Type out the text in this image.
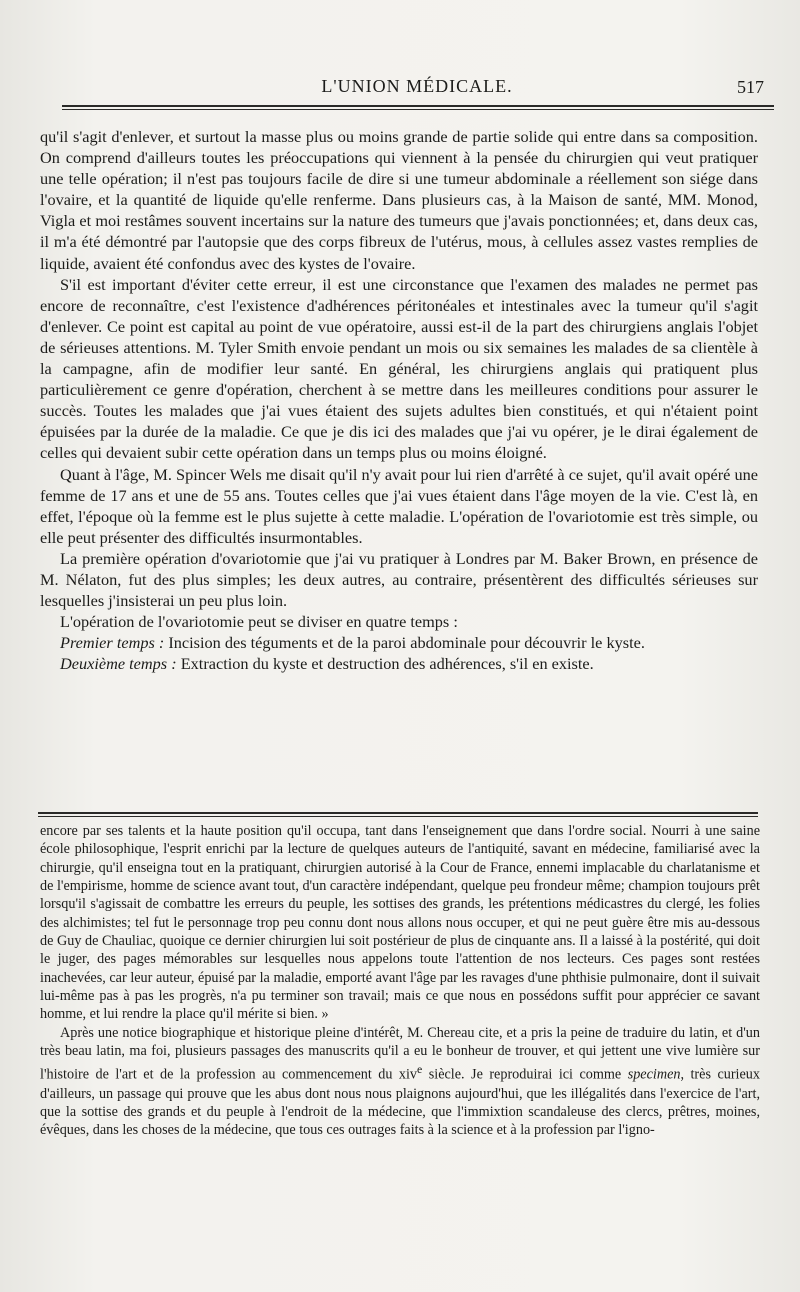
L'UNION MÉDICALE.	517

qu'il s'agit d'enlever, et surtout la masse plus ou moins grande de partie solide qui entre dans sa composition. On comprend d'ailleurs toutes les préoccupations qui viennent à la pensée du chirurgien qui veut pratiquer une telle opération; il n'est pas toujours facile de dire si une tumeur abdominale a réellement son siége dans l'ovaire, et la quantité de liquide qu'elle renferme. Dans plusieurs cas, à la Maison de santé, MM. Monod, Vigla et moi restâmes souvent incertains sur la nature des tumeurs que j'avais ponctionnées; et, dans deux cas, il m'a été démontré par l'autopsie que des corps fibreux de l'utérus, mous, à cellules assez vastes remplies de liquide, avaient été confondus avec des kystes de l'ovaire.

S'il est important d'éviter cette erreur, il est une circonstance que l'examen des malades ne permet pas encore de reconnaître, c'est l'existence d'adhérences péritonéales et intestinales avec la tumeur qu'il s'agit d'enlever. Ce point est capital au point de vue opératoire, aussi est-il de la part des chirurgiens anglais l'objet de sérieuses attentions. M. Tyler Smith envoie pendant un mois ou six semaines les malades de sa clientèle à la campagne, afin de modifier leur santé. En général, les chirurgiens anglais qui pratiquent plus particulièrement ce genre d'opération, cherchent à se mettre dans les meilleures conditions pour assurer le succès. Toutes les malades que j'ai vues étaient des sujets adultes bien constitués, et qui n'étaient point épuisées par la durée de la maladie. Ce que je dis ici des malades que j'ai vu opérer, je le dirai également de celles qui devaient subir cette opération dans un temps plus ou moins éloigné.

Quant à l'âge, M. Spincer Wels me disait qu'il n'y avait pour lui rien d'arrêté à ce sujet, qu'il avait opéré une femme de 17 ans et une de 55 ans. Toutes celles que j'ai vues étaient dans l'âge moyen de la vie. C'est là, en effet, l'époque où la femme est le plus sujette à cette maladie. L'opération de l'ovariotomie est très simple, ou elle peut présenter des difficultés insurmontables.

La première opération d'ovariotomie que j'ai vu pratiquer à Londres par M. Baker Brown, en présence de M. Nélaton, fut des plus simples; les deux autres, au contraire, présentèrent des difficultés sérieuses sur lesquelles j'insisterai un peu plus loin.

L'opération de l'ovariotomie peut se diviser en quatre temps :

Premier temps : Incision des téguments et de la paroi abdominale pour découvrir le kyste.

Deuxième temps : Extraction du kyste et destruction des adhérences, s'il en existe.

encore par ses talents et la haute position qu'il occupa, tant dans l'enseignement que dans l'ordre social. Nourri à une saine école philosophique, l'esprit enrichi par la lecture de quelques auteurs de l'antiquité, savant en médecine, familiarisé avec la chirurgie, qu'il enseigna tout en la pratiquant, chirurgien autorisé à la Cour de France, ennemi implacable du charlatanisme et de l'empirisme, homme de science avant tout, d'un caractère indépendant, quelque peu frondeur même; champion toujours prêt lorsqu'il s'agissait de combattre les erreurs du peuple, les sottises des grands, les prétentions médicastres du clergé, les folies des alchimistes; tel fut le personnage trop peu connu dont nous allons nous occuper, et qui ne peut guère être mis au-dessous de Guy de Chauliac, quoique ce dernier chirurgien lui soit postérieur de plus de cinquante ans. Il a laissé à la postérité, qui doit le juger, des pages mémorables sur lesquelles nous appelons toute l'attention de nos lecteurs. Ces pages sont restées inachevées, car leur auteur, épuisé par la maladie, emporté avant l'âge par les ravages d'une phthisie pulmonaire, dont il suivait lui-même pas à pas les progrès, n'a pu terminer son travail; mais ce que nous en possédons suffit pour apprécier ce savant homme, et lui rendre la place qu'il mérite si bien. »

Après une notice biographique et historique pleine d'intérêt, M. Chereau cite, et a pris la peine de traduire du latin, et d'un très beau latin, ma foi, plusieurs passages des manuscrits qu'il a eu le bonheur de trouver, et qui jettent une vive lumière sur l'histoire de l'art et de la profession au commencement du xiv$^e$ siècle. Je reproduirai ici comme specimen, très curieux d'ailleurs, un passage qui prouve que les abus dont nous nous plaignons aujourd'hui, que les illégalités dans l'exercice de l'art, que la sottise des grands et du peuple à l'endroit de la médecine, que l'immixtion scandaleuse des clercs, prêtres, moines, évêques, dans les choses de la médecine, que tous ces outrages faits à la science et à la profession par l'igno-
